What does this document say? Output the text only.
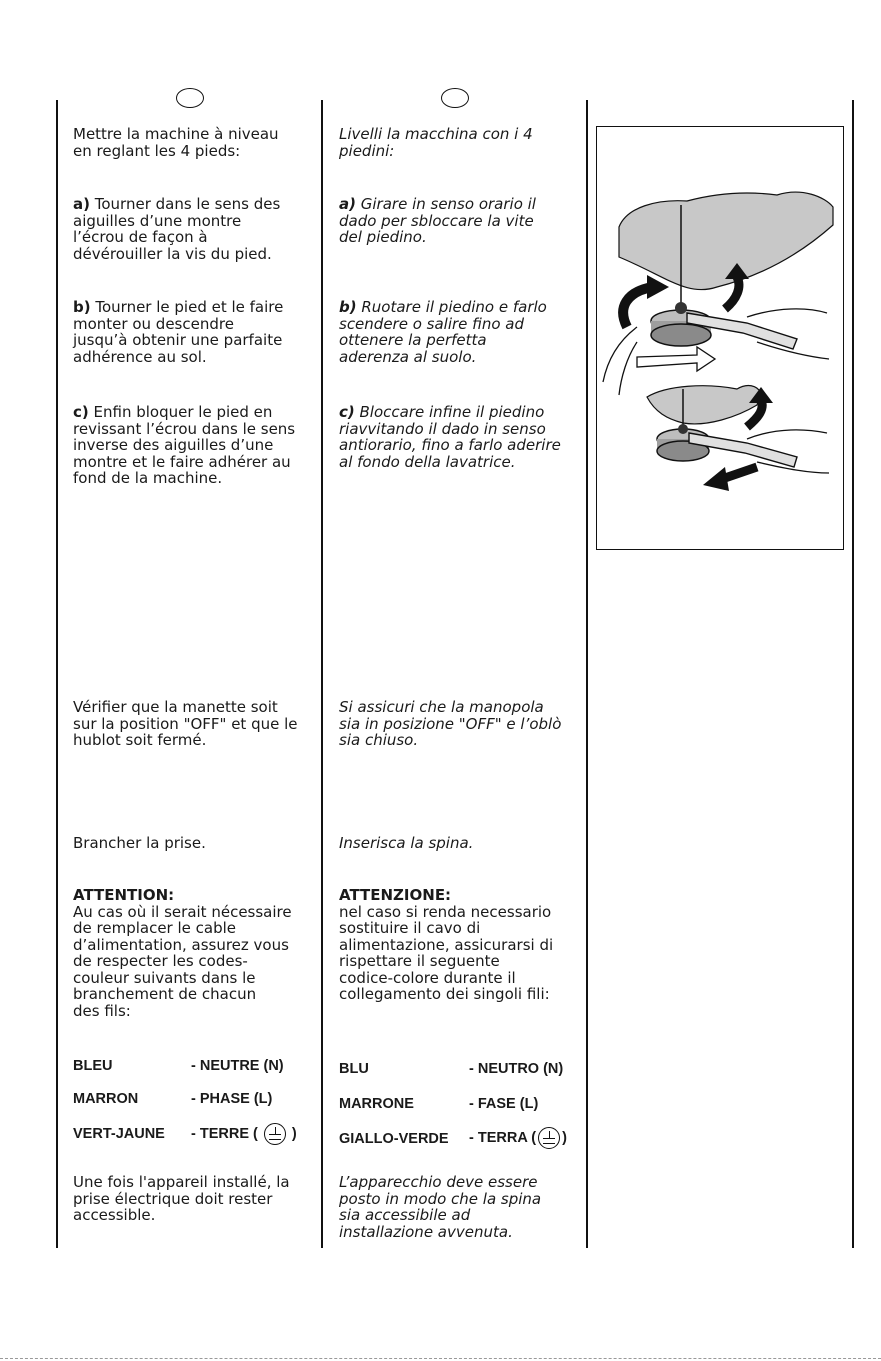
Mettre la machine à niveau
en reglant les 4 pieds:

a) Tourner dans le sens des
aiguilles d’une montre
l’écrou de façon à
dévérouiller la vis du pied.

b) Tourner le pied et le faire
monter ou descendre
jusqu’à obtenir une parfaite
adhérence au sol.

c) Enfin bloquer le pied en
revissant l’écrou dans le sens
inverse des aiguilles d’une
montre et le faire adhérer au
fond de la machine.

Vérifier que la manette soit
sur la position "OFF" et que le
hublot soit fermé.

Brancher la prise.

ATTENTION:
Au cas où il serait nécessaire
de remplacer le cable
d’alimentation, assurez vous
de respecter les codes-
couleur suivants dans le
branchement de chacun
des fils:

BLEU	- NEUTRE (N)
MARRON	- PHASE (L)
VERT-JAUNE - TERRE ( )

Une fois l'appareil installé, la
prise électrique doit rester
accessible.

Livelli la macchina con i 4
piedini:

a) Girare in senso orario il
dado per sbloccare la vite
del piedino.

b) Ruotare il piedino e farlo
scendere o salire fino ad
ottenere la perfetta
aderenza al suolo.

c) Bloccare infine il piedino
riavvitando il dado in senso
antiorario, fino a farlo aderire
al fondo della lavatrice.

Si assicuri che la manopola
sia in posizione "OFF" e l’oblò
sia chiuso.

Inserisca la spina.

ATTENZIONE:
nel caso si renda necessario
sostituire il cavo di
alimentazione, assicurarsi di
rispettare il seguente
codice-colore durante il
collegamento dei singoli fili:

BLU	- NEUTRO (N)
MARRONE	- FASE (L)
GIALLO-VERDE - TERRA ( )

L’apparecchio deve essere
posto in modo che la spina
sia accessibile ad
installazione avvenuta.
